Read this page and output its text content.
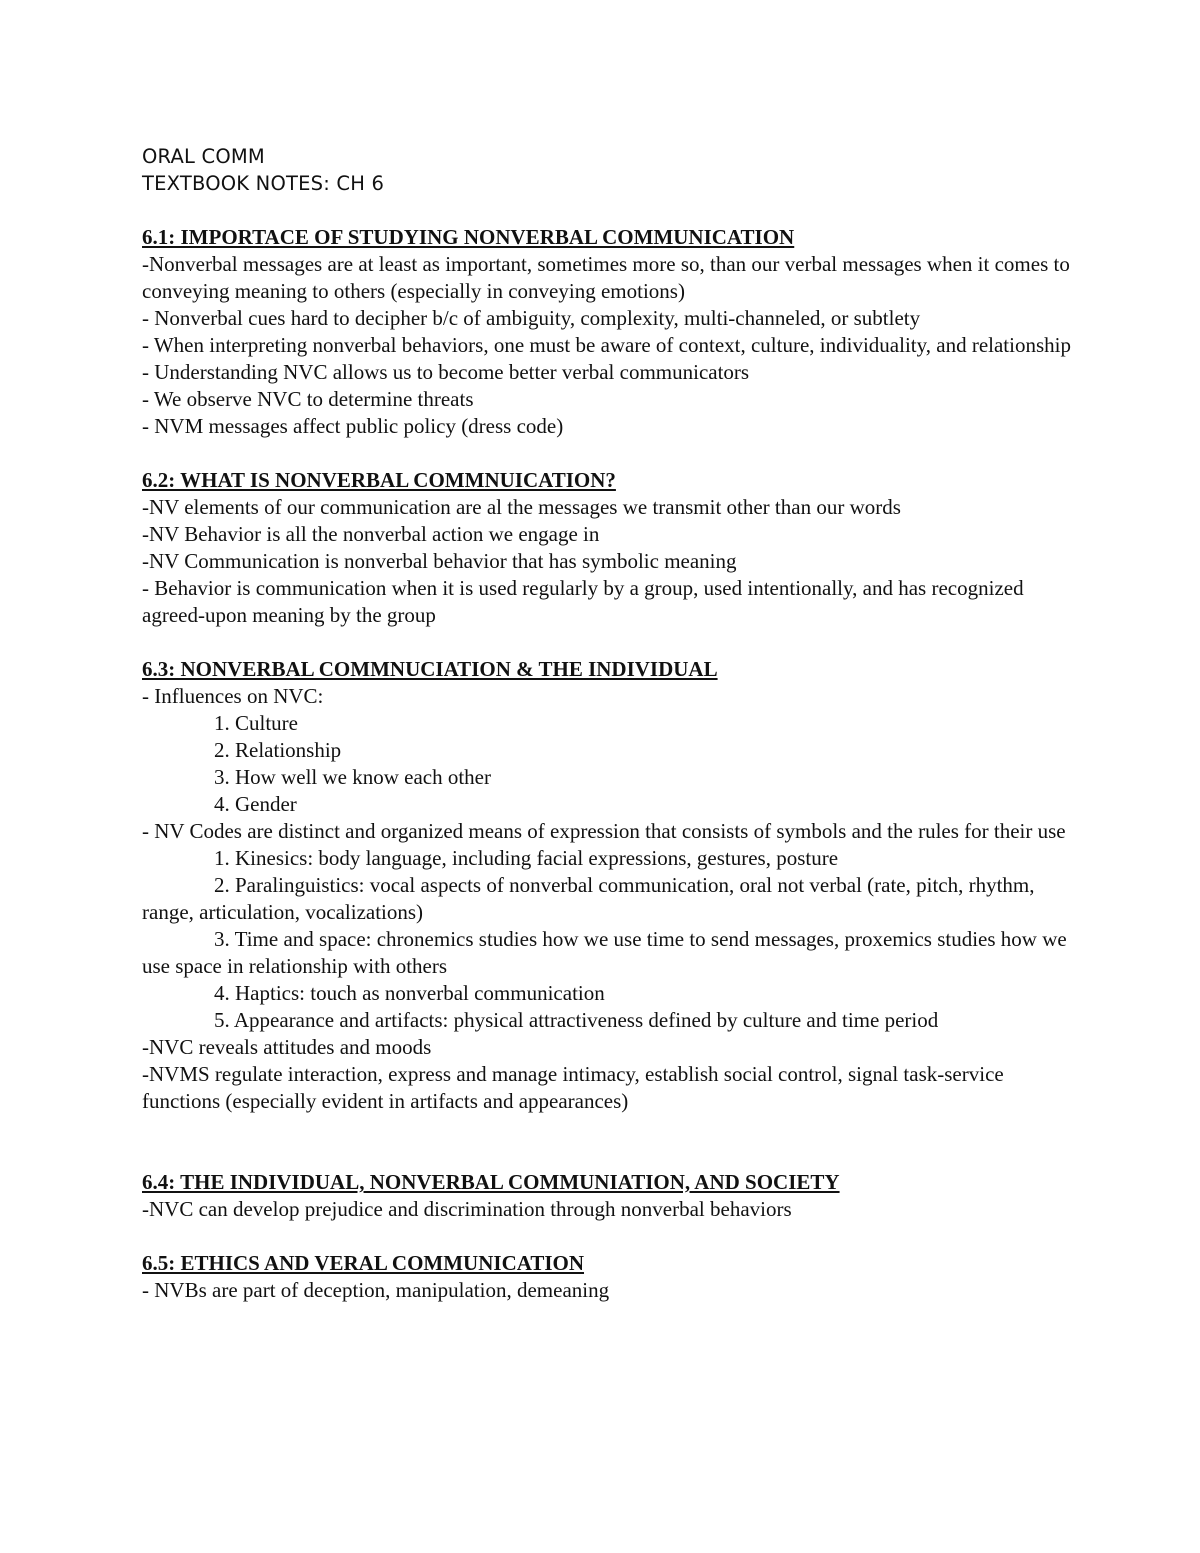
ORAL COMM
TEXTBOOK NOTES: CH 6
6.1: IMPORTACE OF STUDYING NONVERBAL COMMUNICATION
-Nonverbal messages are at least as important, sometimes more so, than our verbal messages when it comes to conveying meaning to others (especially in conveying emotions)
- Nonverbal cues hard to decipher b/c of ambiguity, complexity, multi-channeled, or subtlety
- When interpreting nonverbal behaviors, one must be aware of context, culture, individuality, and relationship
- Understanding NVC allows us to become better verbal communicators
- We observe NVC to determine threats
- NVM messages affect public policy (dress code)
6.2: WHAT IS NONVERBAL COMMNUICATION?
-NV elements of our communication are al the messages we transmit other than our words
-NV Behavior is all the nonverbal action we engage in
-NV Communication is nonverbal behavior that has symbolic meaning
- Behavior is communication when it is used regularly by a group, used intentionally, and has recognized agreed-upon meaning by the group
6.3: NONVERBAL COMMNUCIATION & THE INDIVIDUAL
- Influences on NVC:
1. Culture
2. Relationship
3. How well we know each other
4. Gender
- NV Codes are distinct and organized means of expression that consists of symbols and the rules for their use
1. Kinesics: body language, including facial expressions, gestures, posture
2. Paralinguistics: vocal aspects of nonverbal communication, oral not verbal (rate, pitch, rhythm, range, articulation, vocalizations)
3. Time and space: chronemics studies how we use time to send messages, proxemics studies how we use space in relationship with others
4. Haptics: touch as nonverbal communication
5. Appearance and artifacts: physical attractiveness defined by culture and time period
-NVC reveals attitudes and moods
-NVMS regulate interaction, express and manage intimacy, establish social control, signal task-service functions (especially evident in artifacts and appearances)
6.4: THE INDIVIDUAL, NONVERBAL COMMUNIATION, AND SOCIETY
-NVC can develop prejudice and discrimination through nonverbal behaviors
6.5: ETHICS AND VERAL COMMUNICATION
- NVBs are part of deception, manipulation, demeaning
